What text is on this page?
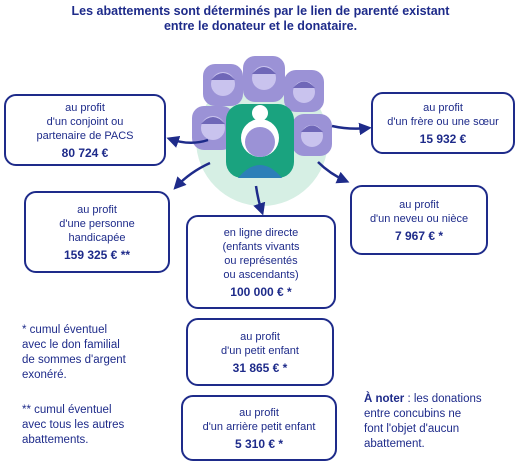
Les abattements sont déterminés par le lien de parenté existant
entre le donateur et le donataire.
au profit
d'un conjoint ou
partenaire de PACS
80 724 €
au profit
d'un frère ou une sœur
15 932 €
au profit
d'une personne
handicapée
159 325 € **
au profit
d'un neveu ou nièce
7 967 € *
en ligne directe
(enfants vivants
ou représentés
ou ascendants)
100 000 € *
au profit
d'un petit enfant
31 865 € *
au profit
d'un arrière petit enfant
5 310 € *
* cumul éventuel
avec le don familial
de sommes d'argent
exonéré.
** cumul éventuel
avec tous les autres
abattements.
À noter : les donations
entre concubins ne
font l'objet d'aucun
abattement.
